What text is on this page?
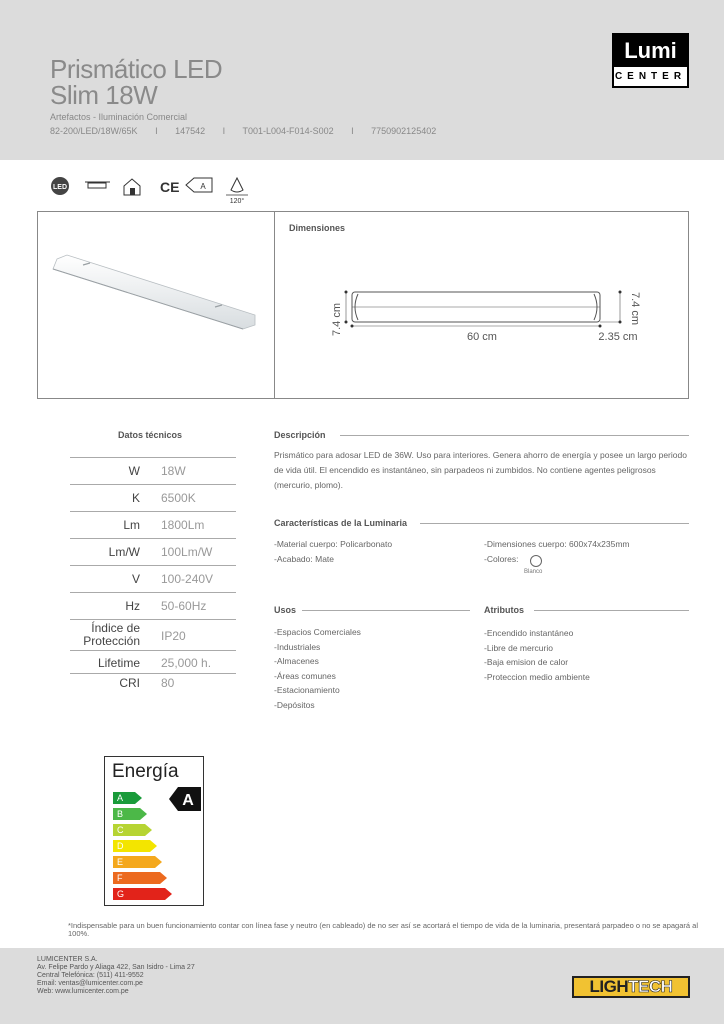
Prismático LED
Slim 18W
Artefactos - Iluminación Comercial
82-200/LED/18W/65K I 147542 I T001-L004-F014-S002 I 7750902125402
Lumi
CENTER
LED	CE	A
120°
Dimensiones
7.4 cm	7.4 cm
60 cm	2.35 cm
Datos técnicos
W 18W
K 6500K
Lm 1800Lm
Lm/W 100Lm/W
V 100-240V
Hz 50-60Hz
Índice de Protección IP20
Lifetime 25,000 h.
CRI 80
Descripción
Prismático para adosar LED de 36W. Uso para interiores. Genera ahorro de energía y posee un largo periodo de vida útil. El encendido es instantáneo, sin parpadeos ni zumbidos. No contiene agentes peligrosos (mercurio, plomo).
Características de la Luminaria
-Material cuerpo: Policarbonato
-Acabado: Mate
-Dimensiones cuerpo: 600x74x235mm
-Colores:
Blanco
Usos
-Espacios Comerciales
-Industriales
-Almacenes
-Áreas comunes
-Estacionamiento
-Depósitos
Atributos
-Encendido instantáneo
-Libre de mercurio
-Baja emision de calor
-Proteccion medio ambiente
Energía
A
B
C
D
E
F
G
A
*Indispensable para un buen funcionamiento contar con línea fase y neutro (en cableado) de no ser así se acortará el tiempo de vida de la luminaria, presentará parpadeo o no se apagará al 100%.
LUMICENTER S.A.
Av. Felipe Pardo y Aliaga 422, San Isidro - Lima 27
Central Telefónica: (511) 411-9552
Email: ventas@lumicenter.com.pe
Web: www.lumicenter.com.pe	LIGHTECH
